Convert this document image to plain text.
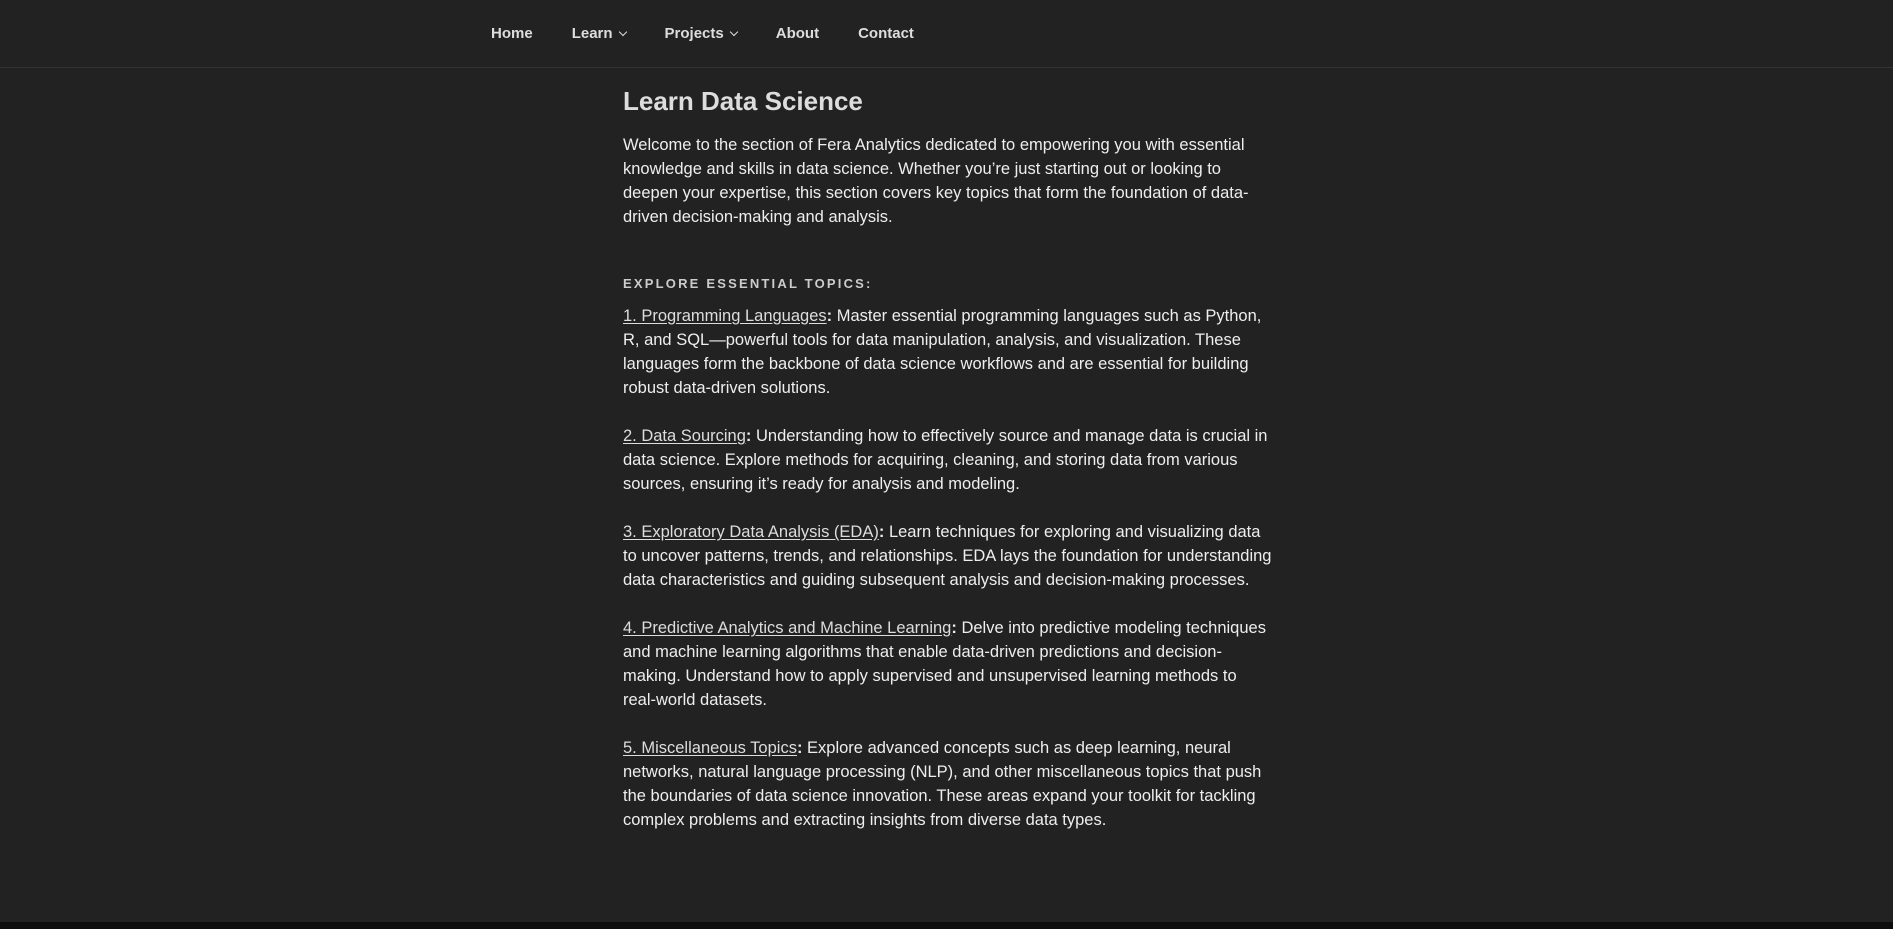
Home	Learn	Projects	About	Contact
Learn Data Science

Welcome to the section of Fera Analytics dedicated to empowering you with essential knowledge and skills in data science. Whether you’re just starting out or looking to deepen your expertise, this section covers key topics that form the foundation of data-driven decision-making and analysis.

EXPLORE ESSENTIAL TOPICS:

1. Programming Languages: Master essential programming languages such as Python, R, and SQL—powerful tools for data manipulation, analysis, and visualization. These languages form the backbone of data science workflows and are essential for building robust data-driven solutions.

2. Data Sourcing: Understanding how to effectively source and manage data is crucial in data science. Explore methods for acquiring, cleaning, and storing data from various sources, ensuring it’s ready for analysis and modeling.

3. Exploratory Data Analysis (EDA): Learn techniques for exploring and visualizing data to uncover patterns, trends, and relationships. EDA lays the foundation for understanding data characteristics and guiding subsequent analysis and decision-making processes.

4. Predictive Analytics and Machine Learning: Delve into predictive modeling techniques and machine learning algorithms that enable data-driven predictions and decision-making. Understand how to apply supervised and unsupervised learning methods to real-world datasets.

5. Miscellaneous Topics: Explore advanced concepts such as deep learning, neural networks, natural language processing (NLP), and other miscellaneous topics that push the boundaries of data science innovation. These areas expand your toolkit for tackling complex problems and extracting insights from diverse data types.
